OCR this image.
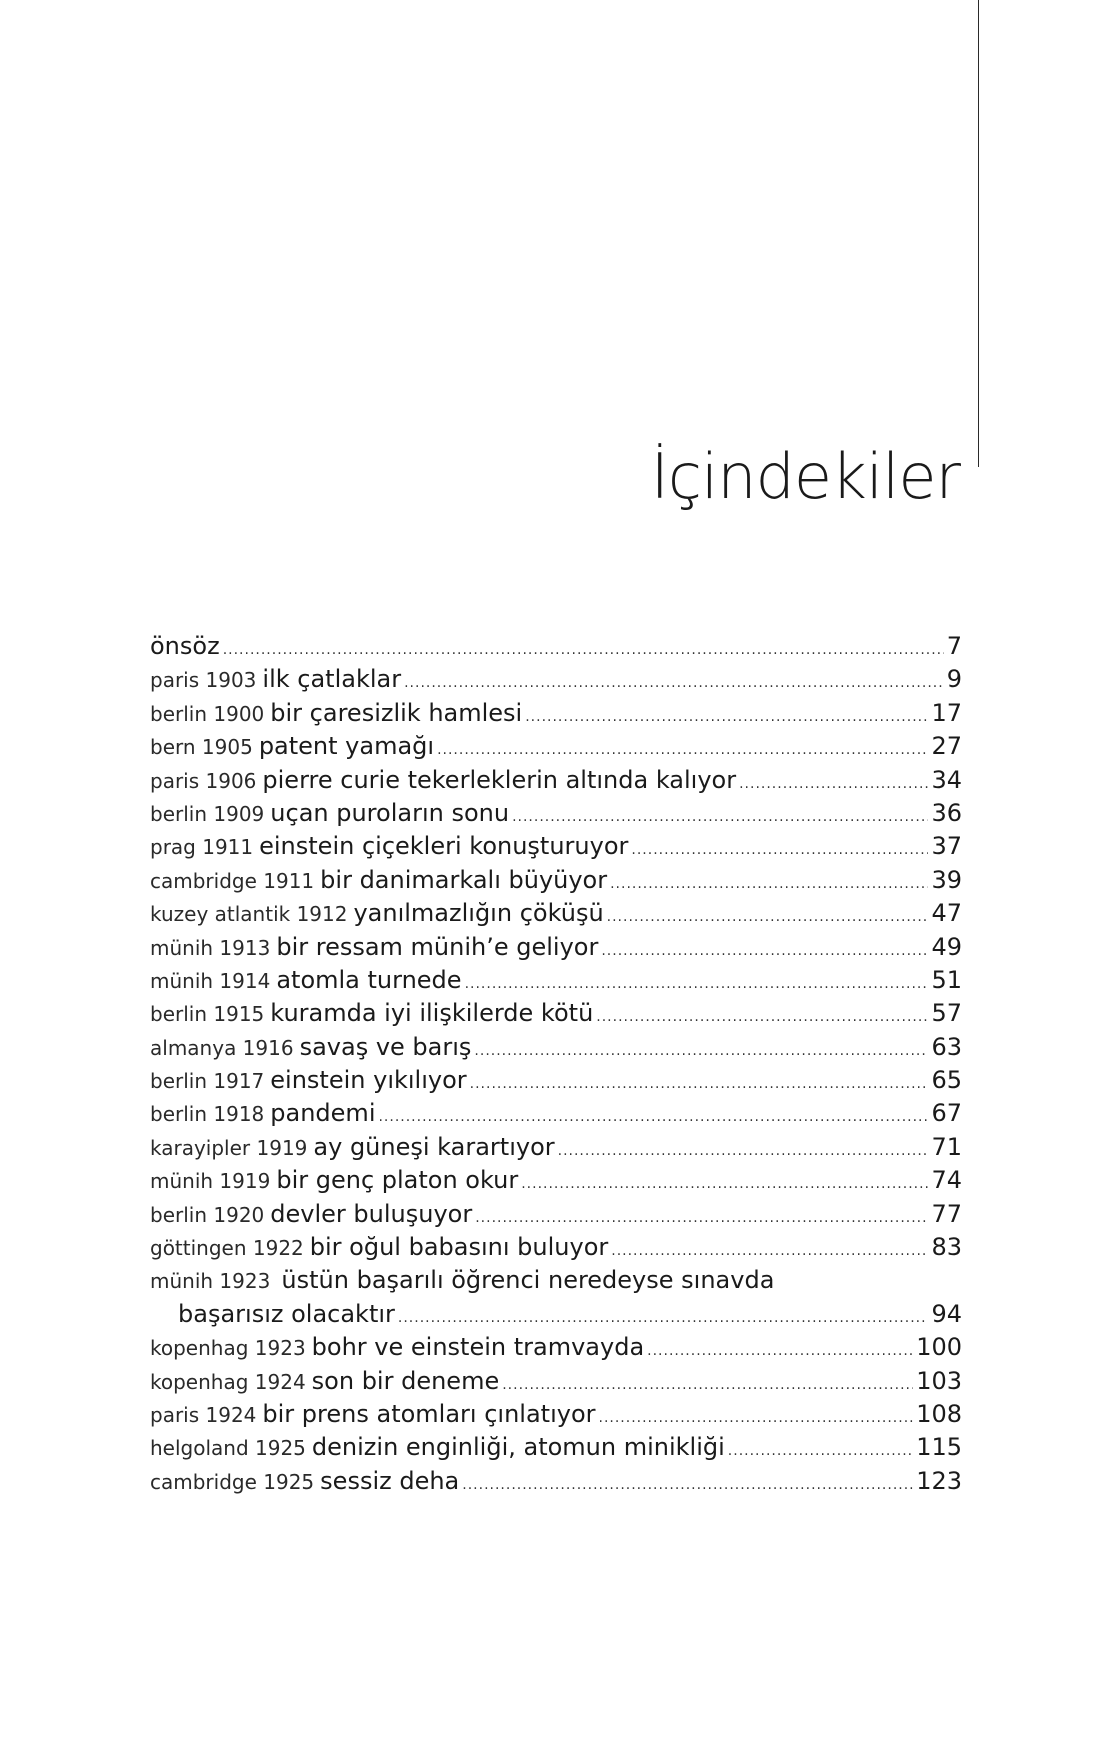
İçindekiler
önsöz .....	7
paris 1903 ilk çatlaklar .....	9
berlin 1900 bir çaresizlik hamlesi .....	17
bern 1905 patent yamağı .....	27
paris 1906 pierre curie tekerleklerin altında kalıyor .....	34
berlin 1909 uçan puroların sonu .....	36
prag 1911 einstein çiçekleri konuşturuyor .....	37
cambridge 1911 bir danimarkalı büyüyor .....	39
kuzey atlantik 1912 yanılmazlığın çöküşü .....	47
münih 1913 bir ressam münih’e geliyor .....	49
münih 1914 atomla turnede .....	51
berlin 1915 kuramda iyi ilişkilerde kötü .....	57
almanya 1916 savaş ve barış .....	63
berlin 1917 einstein yıkılıyor .....	65
berlin 1918 pandemi .....	67
karayipler 1919 ay güneşi karartıyor .....	71
münih 1919 bir genç platon okur .....	74
berlin 1920 devler buluşuyor .....	77
göttingen 1922 bir oğul babasını buluyor .....	83
münih 1923 üstün başarılı öğrenci neredeyse sınavda
başarısız olacaktır .....	94
kopenhag 1923 bohr ve einstein tramvayda .....	100
kopenhag 1924 son bir deneme .....	103
paris 1924 bir prens atomları çınlatıyor .....	108
helgoland 1925 denizin enginliği, atomun minikliği .....	115
cambridge 1925 sessiz deha .....	123
